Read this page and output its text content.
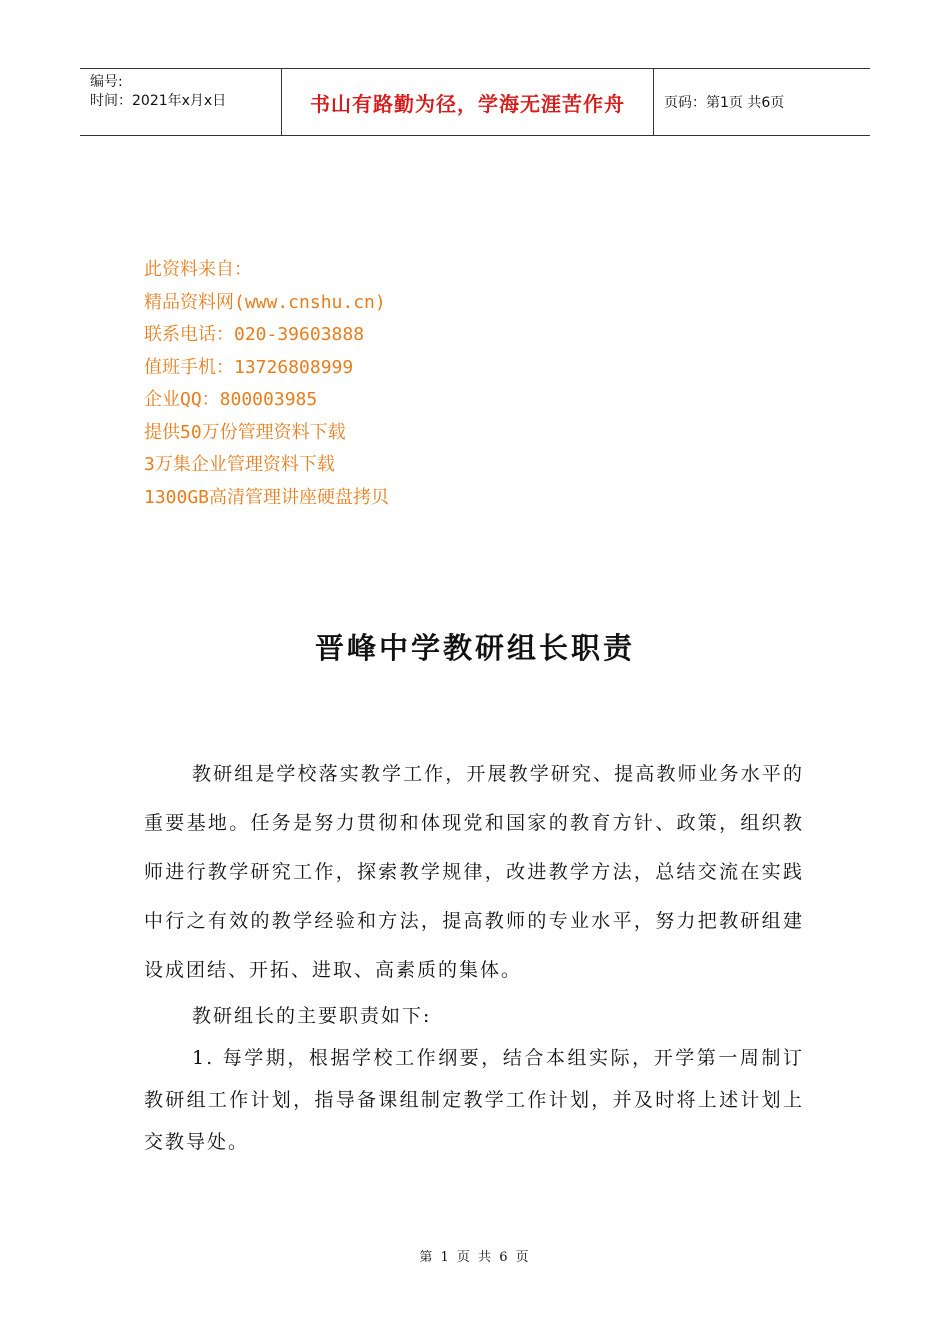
编号:
时间：2021年x月x日	书山有路勤为径，学海无涯苦作舟	页码：第1页 共6页
此资料来自：
精品资料网(www.cnshu.cn)
联系电话：020-39603888
值班手机：13726808999
企业QQ：800003985
提供50万份管理资料下载
3万集企业管理资料下载
1300GB高清管理讲座硬盘拷贝
晋峰中学教研组长职责

教研组是学校落实教学工作，开展教学研究、提高教师业务水平的重要基地。任务是努力贯彻和体现党和国家的教育方针、政策，组织教师进行教学研究工作，探索教学规律，改进教学方法，总结交流在实践中行之有效的教学经验和方法，提高教师的专业水平，努力把教研组建设成团结、开拓、进取、高素质的集体。

教研组长的主要职责如下:

1. 每学期，根据学校工作纲要，结合本组实际，开学第一周制订教研组工作计划，指导备课组制定教学工作计划，并及时将上述计划上交教导处。

第 1 页 共 6 页
